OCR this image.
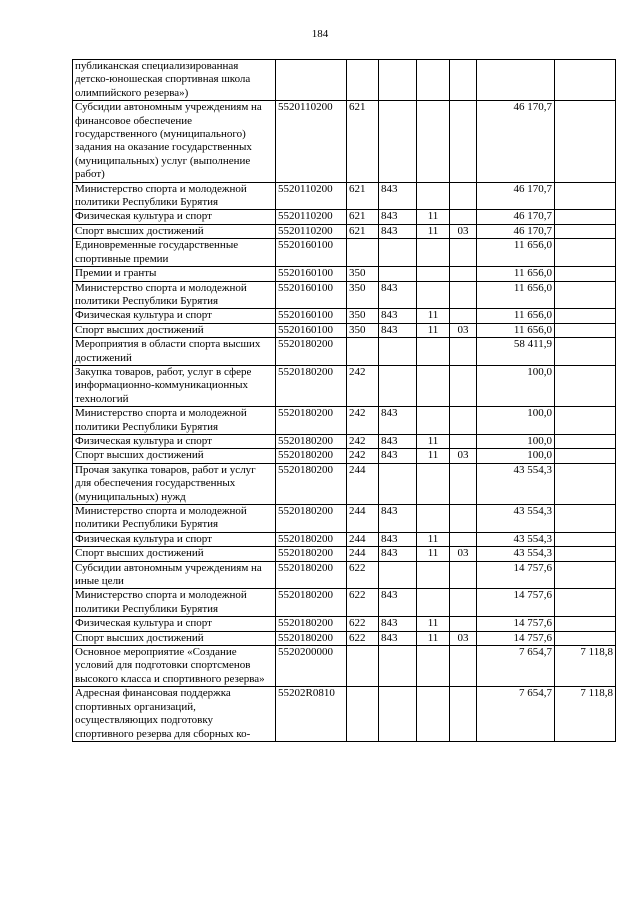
184
публиканская специализированная детско-юношеская спортивная школа олимпийского резерва»)							
Субсидии автономным учреждениям на финансовое обеспечение государственного (муниципального) задания на оказание государственных (муниципальных) услуг (выполнение работ)	5520110200	621				46 170,7	
Министерство спорта и молодежной политики Республики Бурятия	5520110200	621	843			46 170,7	
Физическая культура и спорт	5520110200	621	843	11		46 170,7	
Спорт высших достижений	5520110200	621	843	11	03	46 170,7	
Единовременные государственные спортивные премии	5520160100					11 656,0	
Премии и гранты	5520160100	350				11 656,0	
Министерство спорта и молодежной политики Республики Бурятия	5520160100	350	843			11 656,0	
Физическая культура и спорт	5520160100	350	843	11		11 656,0	
Спорт высших достижений	5520160100	350	843	11	03	11 656,0	
Мероприятия в области спорта высших достижений	5520180200					58 411,9	
Закупка товаров, работ, услуг в сфере информационно-коммуникационных технологий	5520180200	242				100,0	
Министерство спорта и молодежной политики Республики Бурятия	5520180200	242	843			100,0	
Физическая культура и спорт	5520180200	242	843	11		100,0	
Спорт высших достижений	5520180200	242	843	11	03	100,0	
Прочая закупка товаров, работ и услуг для обеспечения государственных (муниципальных) нужд	5520180200	244				43 554,3	
Министерство спорта и молодежной политики Республики Бурятия	5520180200	244	843			43 554,3	
Физическая культура и спорт	5520180200	244	843	11		43 554,3	
Спорт высших достижений	5520180200	244	843	11	03	43 554,3	
Субсидии автономным учреждениям на иные цели	5520180200	622				14 757,6	
Министерство спорта и молодежной политики Республики Бурятия	5520180200	622	843			14 757,6	
Физическая культура и спорт	5520180200	622	843	11		14 757,6	
Спорт высших достижений	5520180200	622	843	11	03	14 757,6	
Основное мероприятие «Создание условий для подготовки спортсменов высокого класса и спортивного резерва»	5520200000					7 654,7	7 118,8
Адресная финансовая поддержка спортивных организаций, осуществляющих подготовку спортивного резерва для сборных ко-	55202R0810					7 654,7	7 118,8
